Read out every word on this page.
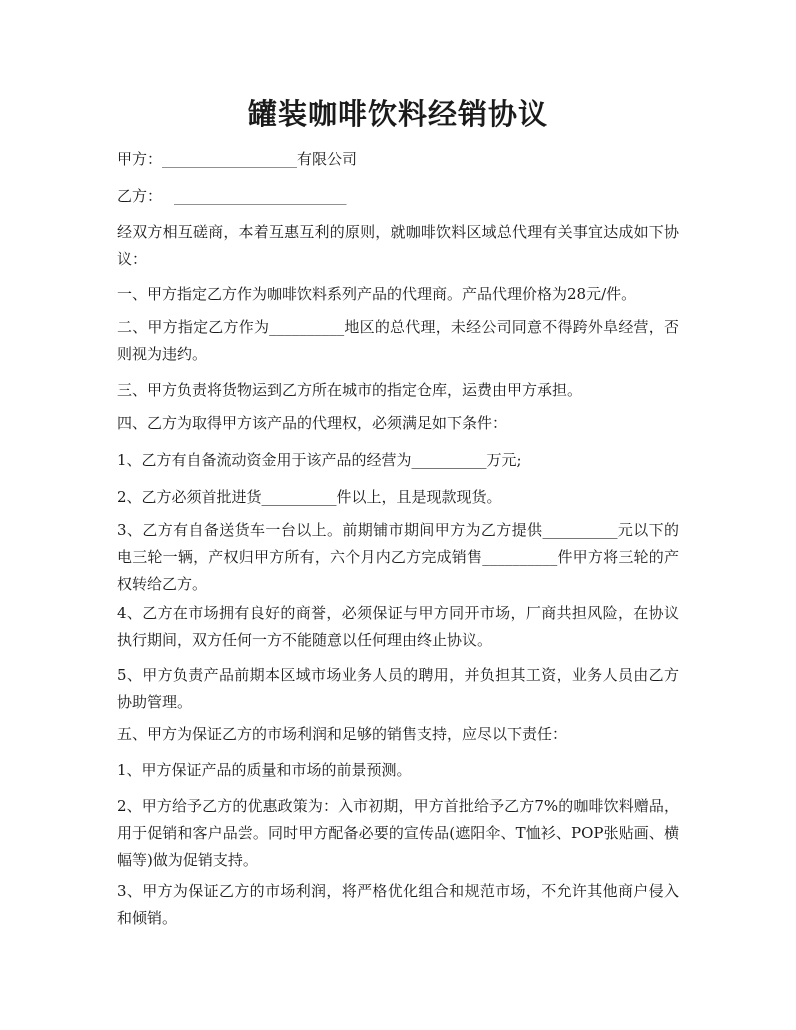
罐装咖啡饮料经销协议
甲方：__________________有限公司
乙方： _______________________

经双方相互磋商，本着互惠互利的原则，就咖啡饮料区域总代理有关事宜达成如下协议：

一、甲方指定乙方作为咖啡饮料系列产品的代理商。产品代理价格为28元/件。

二、甲方指定乙方作为__________地区的总代理，未经公司同意不得跨外阜经营，否则视为违约。

三、甲方负责将货物运到乙方所在城市的指定仓库，运费由甲方承担。

四、乙方为取得甲方该产品的代理权，必须满足如下条件：

1、乙方有自备流动资金用于该产品的经营为__________万元;

2、乙方必须首批进货__________件以上，且是现款现货。

3、乙方有自备送货车一台以上。前期铺市期间甲方为乙方提供__________元以下的电三轮一辆，产权归甲方所有，六个月内乙方完成销售__________件甲方将三轮的产权转给乙方。

4、乙方在市场拥有良好的商誉，必须保证与甲方同开市场，厂商共担风险，在协议执行期间，双方任何一方不能随意以任何理由终止协议。

5、甲方负责产品前期本区域市场业务人员的聘用，并负担其工资，业务人员由乙方协助管理。

五、甲方为保证乙方的市场利润和足够的销售支持，应尽以下责任：

1、甲方保证产品的质量和市场的前景预测。

2、甲方给予乙方的优惠政策为：入市初期，甲方首批给予乙方7%的咖啡饮料赠品，用于促销和客户品尝。同时甲方配备必要的宣传品(遮阳伞、T恤衫、POP张贴画、横幅等)做为促销支持。

3、甲方为保证乙方的市场利润，将严格优化组合和规范市场，不允许其他商户侵入和倾销。
